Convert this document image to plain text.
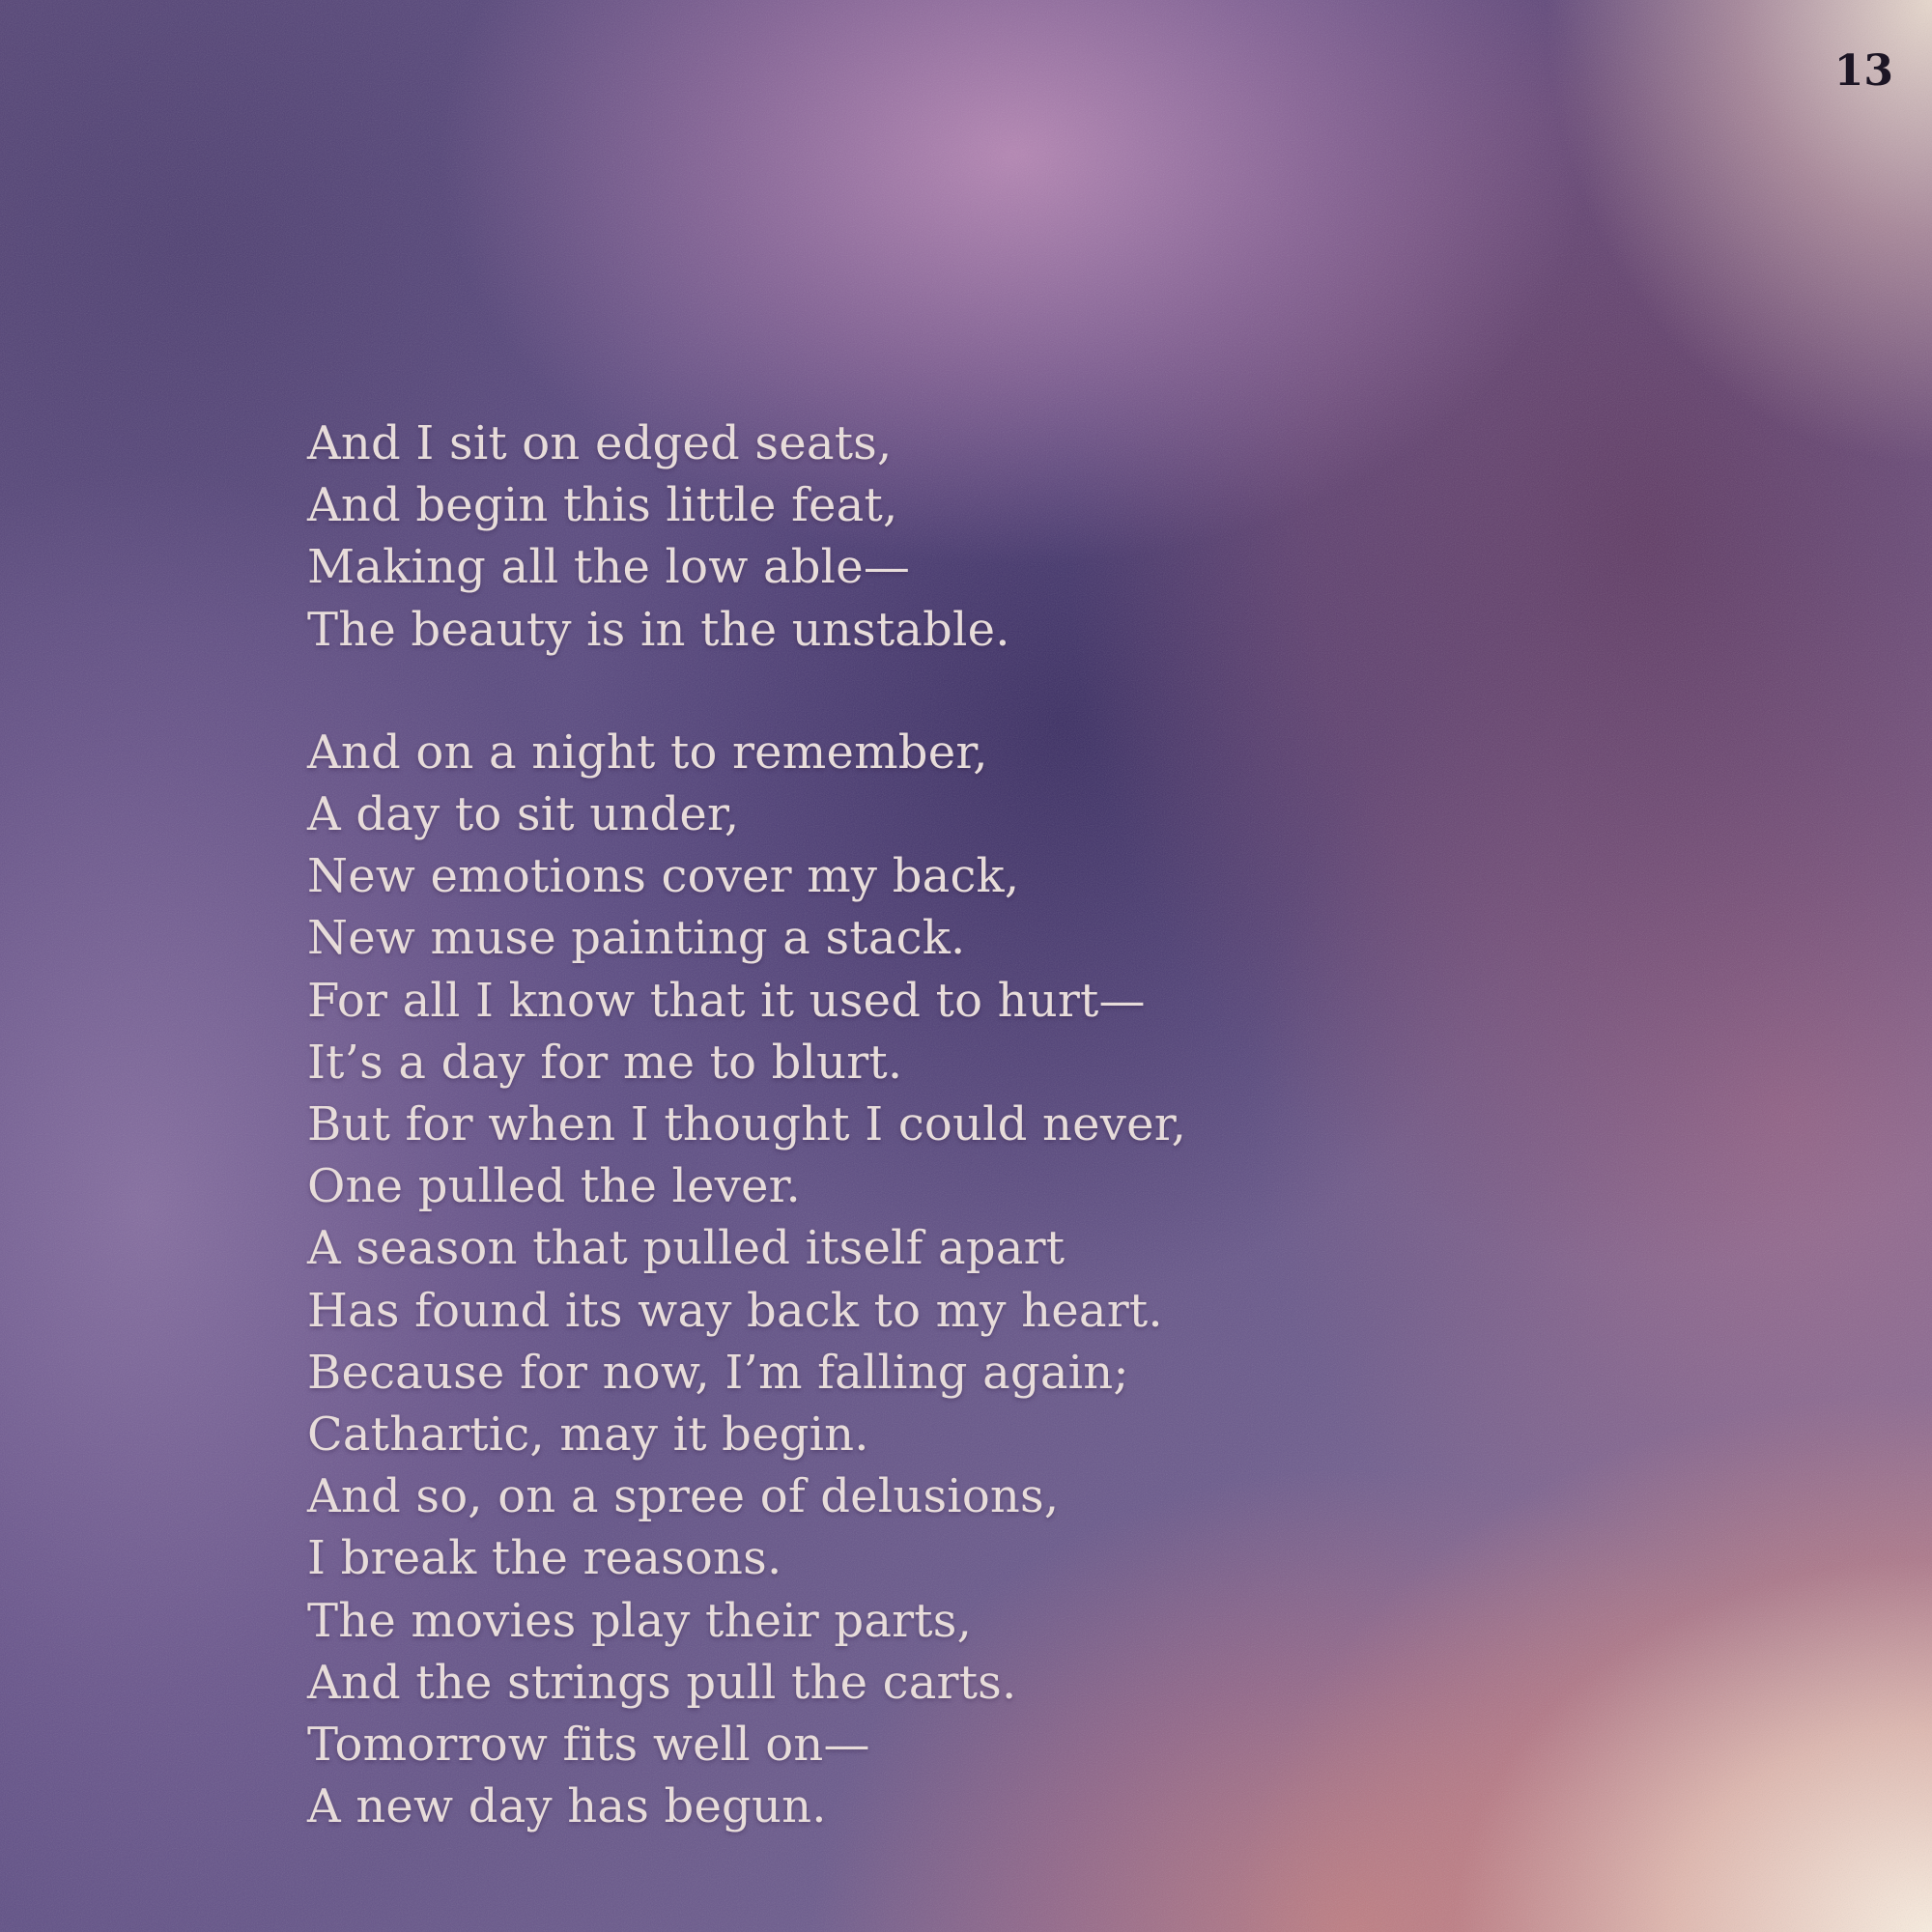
13

And I sit on edged seats,
And begin this little feat,
Making all the low able—
The beauty is in the unstable.
And on a night to remember,
A day to sit under,
New emotions cover my back,
New muse painting a stack.
For all I know that it used to hurt—
It’s a day for me to blurt.
But for when I thought I could never,
One pulled the lever.
A season that pulled itself apart
Has found its way back to my heart.
Because for now, I’m falling again;
Cathartic, may it begin.
And so, on a spree of delusions,
I break the reasons.
The movies play their parts,
And the strings pull the carts.
Tomorrow fits well on—
A new day has begun.
